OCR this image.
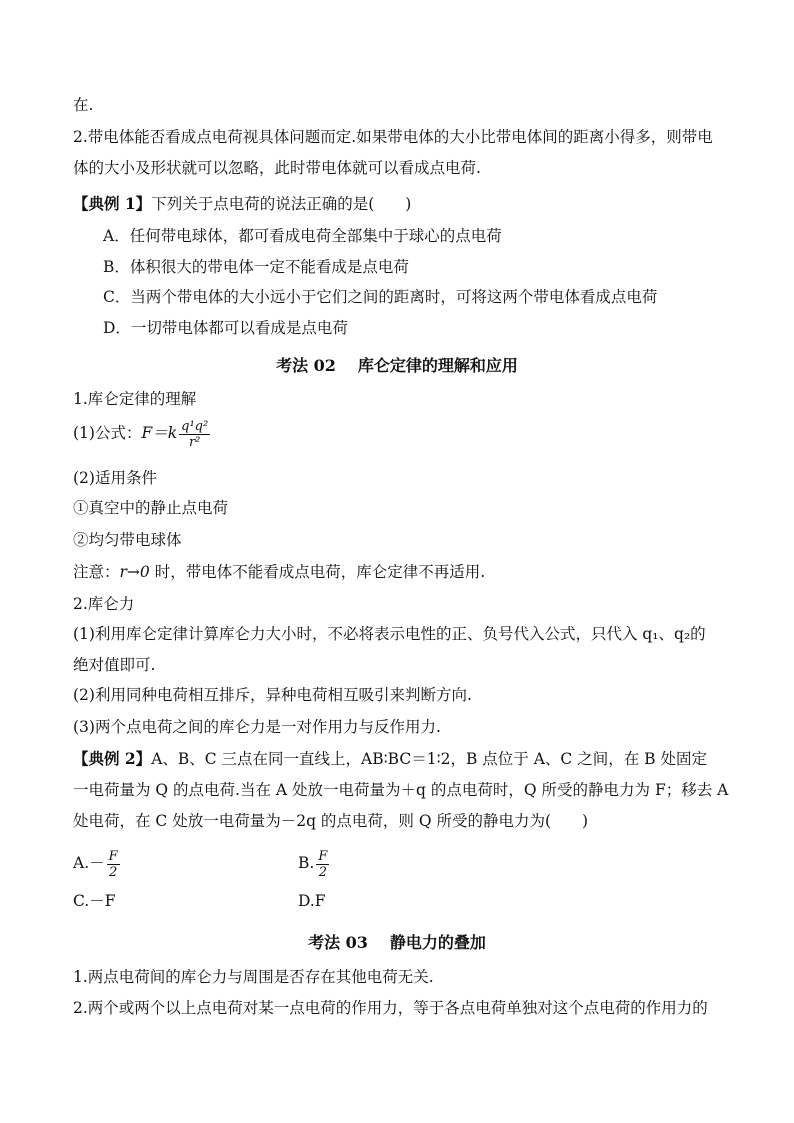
在.
2.带电体能否看成点电荷视具体问题而定.如果带电体的大小比带电体间的距离小得多，则带电
体的大小及形状就可以忽略，此时带电体就可以看成点电荷.
【典例 1】下列关于点电荷的说法正确的是(　　)
A．任何带电球体，都可看成电荷全部集中于球心的点电荷
B．体积很大的带电体一定不能看成是点电荷
C．当两个带电体的大小远小于它们之间的距离时，可将这两个带电体看成点电荷
D．一切带电体都可以看成是点电荷
考法 02 库仑定律的理解和应用
1.库仑定律的理解
(1)公式：$F=k \frac{\text{q¹q²}}{\text{r²}}$
(2)适用条件
①真空中的静止点电荷
②均匀带电球体
注意：r→0 时，带电体不能看成点电荷，库仑定律不再适用.
2.库仑力
(1)利用库仑定律计算库仑力大小时，不必将表示电性的正、负号代入公式，只代入 q₁、q₂的
绝对值即可.
(2)利用同种电荷相互排斥，异种电荷相互吸引来判断方向.
(3)两个点电荷之间的库仑力是一对作用力与反作用力.
【典例 2】A、B、C 三点在同一直线上，AB∶BC＝1∶2，B 点位于 A、C 之间，在 B 处固定
一电荷量为 Q 的点电荷.当在 A 处放一电荷量为＋q 的点电荷时，Q 所受的静电力为 F；移去 A
处电荷，在 C 处放一电荷量为－2q 的点电荷，则 Q 所受的静电力为(　　)
$A.- \frac{F}{2}$	B. $\frac{F}{2}$
C.－F	D.F
考法 03 静电力的叠加
1.两点电荷间的库仑力与周围是否存在其他电荷无关.
2.两个或两个以上点电荷对某一点电荷的作用力，等于各点电荷单独对这个点电荷的作用力的
